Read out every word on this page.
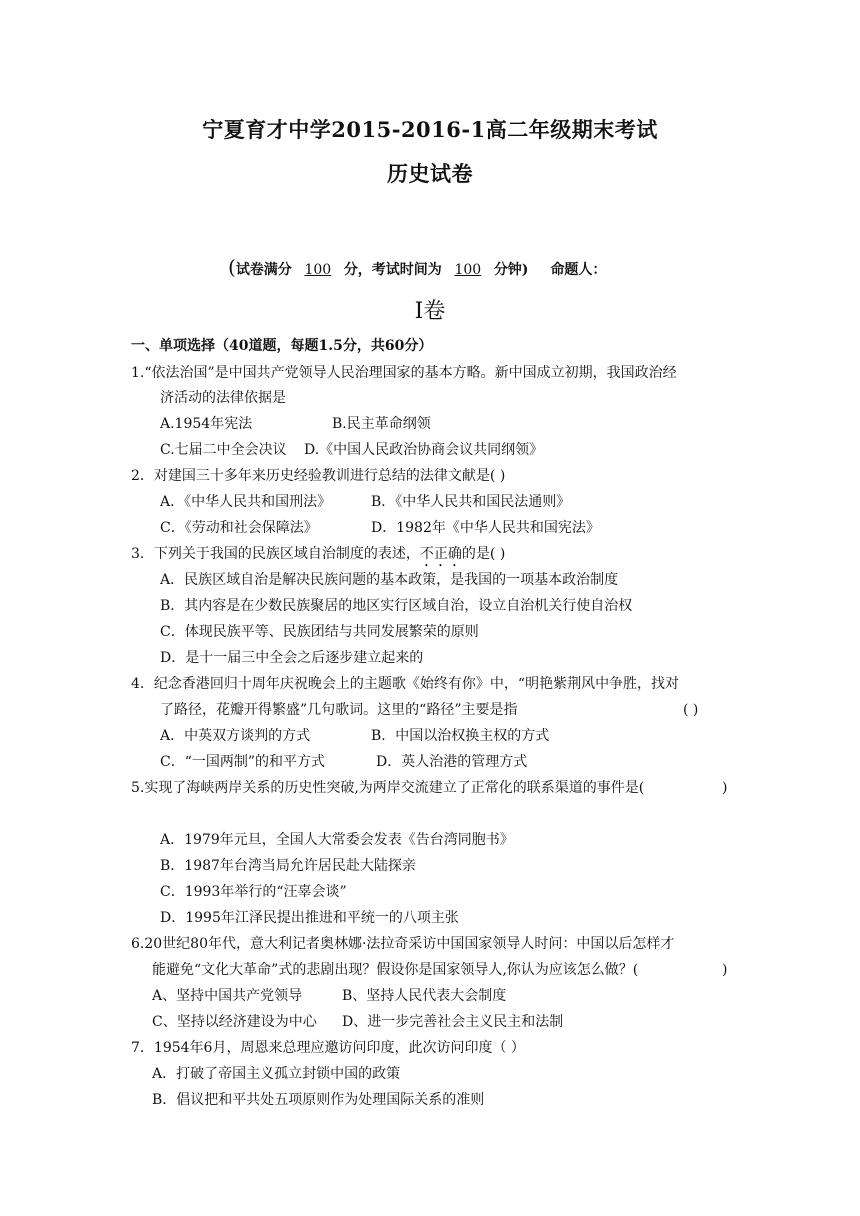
宁夏育才中学2015-2016-1高二年级期末考试
历史试卷
(试卷满分 100 分，考试时间为 100 分钟) 命题人：
Ⅰ卷
一、单项选择（40道题，每题1.5分，共60分）
1.“依法治国”是中国共产党领导人民治理国家的基本方略。新中国成立初期，我国政治经
济活动的法律依据是
A.1954年宪法	B.民主革命纲领
C.七届二中全会决议 D.《中国人民政治协商会议共同纲领》
2．对建国三十多年来历史经验教训进行总结的法律文献是( )
A．《中华人民共和国刑法》	B．《中华人民共和国民法通则》
C．《劳动和社会保障法》	D．1982年《中华人民共和国宪法》
3．下列关于我国的民族区域自治制度的表述，不正确的是( )
A．民族区域自治是解决民族问题的基本政策，是我国的一项基本政治制度
B．其内容是在少数民族聚居的地区实行区域自治，设立自治机关行使自治权
C．体现民族平等、民族团结与共同发展繁荣的原则
D．是十一届三中全会之后逐步建立起来的
4．纪念香港回归十周年庆祝晚会上的主题歌《始终有你》中，“明艳紫荆风中争胜，找对
了路径，花瓣开得繁盛”几句歌词。这里的“路径”主要是指	( )
A．中英双方谈判的方式	B．中国以治权换主权的方式
C．“一国两制”的和平方式	D．英人治港的管理方式
5.实现了海峡两岸关系的历史性突破,为两岸交流建立了正常化的联系渠道的事件是(	)
A．1979年元旦，全国人大常委会发表《告台湾同胞书》
B．1987年台湾当局允许居民赴大陆探亲
C．1993年举行的“汪辜会谈”
D．1995年江泽民提出推进和平统一的八项主张
6.20世纪80年代，意大利记者奥林娜·法拉奇采访中国国家领导人时问：中国以后怎样才
能避免“文化大革命”式的悲剧出现？假设你是国家领导人,你认为应该怎么做？(	)
A、坚持中国共产党领导	B、坚持人民代表大会制度
C、坚持以经济建设为中心 D、进一步完善社会主义民主和法制
7．1954年6月，周恩来总理应邀访问印度，此次访问印度（ ）
A．打破了帝国主义孤立封锁中国的政策
B．倡议把和平共处五项原则作为处理国际关系的准则
